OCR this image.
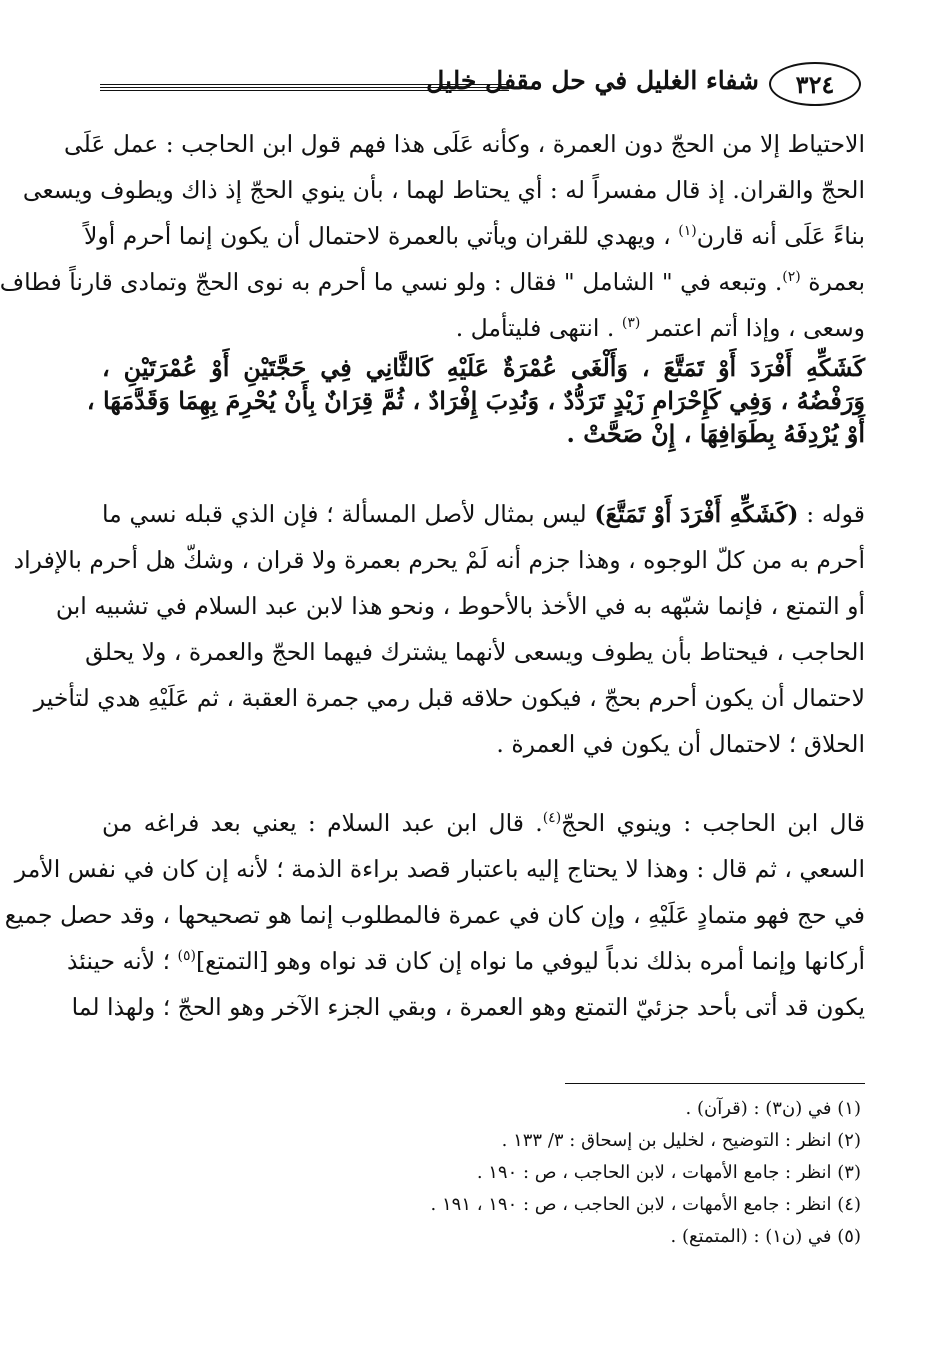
٣٢٤
شفاء الغليل في حل مقفل خليل
الاحتياط إلا من الحجّ دون العمرة ، وكأنه عَلَى هذا فهم قول ابن الحاجب : عمل عَلَى
الحجّ والقران. إذ قال مفسراً له : أي يحتاط لهما ، بأن ينوي الحجّ إذ ذاك ويطوف ويسعى
بناءً عَلَى أنه قارن$^{(١)}$ ، ويهدي للقران ويأتي بالعمرة لاحتمال أن يكون إنما أحرم أولاً
بعمرة $^{(٢)}$. وتبعه في " الشامل " فقال : ولو نسي ما أحرم به نوى الحجّ وتمادى قارناً فطاف
وسعى ، وإذا أتم اعتمر $^{(٣)}$ . انتهى فليتأمل .
كَشَكِّهِ أَفْرَدَ أَوْ تَمَتَّعَ ، وَأَلْغَى عُمْرَةٌ عَلَيْهِ كَالثَّانِي فِي حَجَّتَيْنِ أَوْ عُمْرَتَيْنِ ،
وَرَفْضُهُ ، وَفِي كَإِحْرَامِ زَيْدٍ تَرَدُّدٌ ، وَنُدِبَ إِفْرَادٌ ، ثُمَّ قِرَانٌ بِأَنْ يُحْرِمَ بِهِمَا وَقَدَّمَهَا ،
أَوْ يُرْدِفَهُ بِطَوَافِهَا ، إِنْ صَحَّتْ .
قوله : (كَشَكِّهِ أَفْرَدَ أَوْ تَمَتَّعَ) ليس بمثال لأصل المسألة ؛ فإن الذي قبله نسي ما
أحرم به من كلّ الوجوه ، وهذا جزم أنه لَمْ يحرم بعمرة ولا قران ، وشكّ هل أحرم بالإفراد
أو التمتع ، فإنما شبّهه به في الأخذ بالأحوط ، ونحو هذا لابن عبد السلام في تشبيه ابن
الحاجب ، فيحتاط بأن يطوف ويسعى لأنهما يشترك فيهما الحجّ والعمرة ، ولا يحلق
لاحتمال أن يكون أحرم بحجّ ، فيكون حلاقه قبل رمي جمرة العقبة ، ثم عَلَيْهِ هدي لتأخير
الحلاق ؛ لاحتمال أن يكون في العمرة .
قال ابن الحاجب : وينوي الحجّ$^{(٤)}$. قال ابن عبد السلام : يعني بعد فراغه من
السعي ، ثم قال : وهذا لا يحتاج إليه باعتبار قصد براءة الذمة ؛ لأنه إن كان في نفس الأمر
في حج فهو متمادٍ عَلَيْهِ ، وإن كان في عمرة فالمطلوب إنما هو تصحيحها ، وقد حصل جميع
أركانها وإنما أمره بذلك ندباً ليوفي ما نواه إن كان قد نواه وهو [التمتع]$^{(٥)}$ ؛ لأنه حينئذ
يكون قد أتى بأحد جزئيّ التمتع وهو العمرة ، وبقي الجزء الآخر وهو الحجّ ؛ ولهذا لما
(١) في (ن٣) : (قرآن) .
(٢) انظر : التوضيح ، لخليل بن إسحاق : ٣/ ١٣٣ .
(٣) انظر : جامع الأمهات ، لابن الحاجب ، ص : ١٩٠ .
(٤) انظر : جامع الأمهات ، لابن الحاجب ، ص : ١٩٠ ، ١٩١ .
(٥) في (ن١) : (المتمتع) .
